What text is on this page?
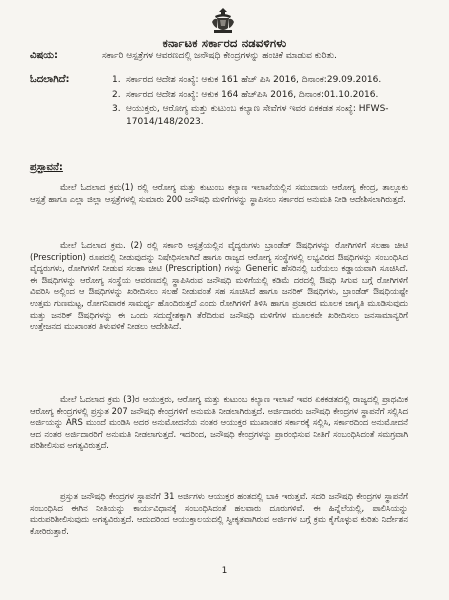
ಕರ್ನಾಟಕ ಸರ್ಕಾರದ ನಡವಳಿಗಳು
ವಿಷಯ:	ಸರ್ಕಾರಿ ಆಸ್ಪತ್ರೆಗಳ ಆವರಣದಲ್ಲಿ ಜನೌಷಧಿ ಕೇಂದ್ರಗಳನ್ನು ಹಂಚಿಕೆ ಮಾಡುವ ಕುರಿತು.
ಓದಲಾಗಿದೆ:	1. ಸರ್ಕಾರದ ಆದೇಶ ಸಂಖ್ಯೆ: ಆಕುಕ 161 ಹೆಚ್ ಪಿಸಿ 2016, ದಿನಾಂಕ:29.09.2016.
2. ಸರ್ಕಾರದ ಆದೇಶ ಸಂಖ್ಯೆ: ಆಕುಕ 164 ಹೆಚ್‌ಪಿಸಿ 2016, ದಿನಾಂಕ:01.10.2016.
3. ಆಯುಕ್ತರು, ಆರೋಗ್ಯ ಮತ್ತು ಕುಟುಂಬ ಕಲ್ಯಾಣ ಸೇವೆಗಳ ಇವರ ಏಕಕಡತ ಸಂಖ್ಯೆ: HFWS-17014/148/2023.
ಪ್ರಸ್ತಾವನೆ:
ಮೇಲೆ ಓದಲಾದ ಕ್ರಮ(1) ರಲ್ಲಿ ಆರೋಗ್ಯ ಮತ್ತು ಕುಟುಂಬ ಕಲ್ಯಾಣ ಇಲಾಖೆಯಲ್ಲಿನ ಸಮುದಾಯ ಆರೋಗ್ಯ ಕೇಂದ್ರ, ತಾಲ್ಲೂಕು ಆಸ್ಪತ್ರೆ ಹಾಗೂ ಎಲ್ಲಾ ಜಿಲ್ಲಾ ಆಸ್ಪತ್ರೆಗಳಲ್ಲಿ ಸುಮಾರು 200 ಜನೌಷಧಿ ಮಳಿಗೆಗಳನ್ನು ಸ್ಥಾಪಿಸಲು ಸರ್ಕಾರದ ಅನುಮತಿ ನೀಡಿ ಆದೇಶಿಸಲಾಗಿರುತ್ತದೆ.
ಮೇಲೆ ಓದಲಾದ ಕ್ರಮ. (2) ರಲ್ಲಿ ಸರ್ಕಾರಿ ಆಸ್ಪತ್ರೆಯಲ್ಲಿನ ವೈದ್ಯರುಗಳು ಬ್ರಾಂಡೆಡ್ ಔಷಧಿಗಳನ್ನು ರೋಗಿಗಳಿಗೆ ಸಲಹಾ ಚೀಟಿ (Prescription) ರೂಪದಲ್ಲಿ ನೀಡುವುದನ್ನು ನಿಷೇಧಿಸಲಾಗಿದೆ ಹಾಗೂ ರಾಜ್ಯದ ಆರೋಗ್ಯ ಸಂಸ್ಥೆಗಳಲ್ಲಿ ಲಭ್ಯವಿರದ ಔಷಧಿಗಳನ್ನು ಸಂಬಂಧಿಸಿದ ವೈದ್ಯರುಗಳು, ರೋಗಿಗಳಿಗೆ ನೀಡುವ ಸಲಹಾ ಚೀಟಿ (Prescription) ಗಳನ್ನು Generic ಹೆಸರಿನಲ್ಲಿ ಬರೆಯಲು ಕಡ್ಡಾಯವಾಗಿ ಸೂಚಿಸಿದೆ. ಈ ಔಷಧಿಗಳನ್ನು ಆರೋಗ್ಯ ಸಂಸ್ಥೆಯ ಆವರಣದಲ್ಲಿ ಸ್ಥಾಪಿಸಿರುವ ಜನೌಷಧಿ ಮಳಿಗೆಯಲ್ಲಿ ಕಡಿಮೆ ದರದಲ್ಲಿ ಔಷಧಿ ಸಿಗುವ ಬಗ್ಗೆ ರೋಗಿಗಳಿಗೆ ವಿವರಿಸಿ ಅಲ್ಲಿಂದ ಆ ಔಷಧಿಗಳನ್ನು ಖರೀದಿಸಲು ಸಲಹೆ ನೀಡುವಂತೆ ಸಹ ಸೂಚಿಸಿದೆ ಹಾಗೂ ಜನರಿಕ್ ಔಷಧಿಗಳು, ಬ್ರಾಂಡೆಡ್ ಔಷಧಿಯಷ್ಟೇ ಉತ್ತಮ ಗುಣಮಟ್ಟ, ರೋಗನಿವಾರಕ ಸಾಮರ್ಥ್ಯ ಹೊಂದಿರುತ್ತದೆ ಎಂದು ರೋಗಿಗಳಿಗೆ ತಿಳಿಸಿ ಹಾಗೂ ಪ್ರಚಾರದ ಮೂಲಕ ಜಾಗೃತಿ ಮೂಡಿಸುವುದು ಮತ್ತು ಜನರಿಕ್ ಔಷಧಿಗಳನ್ನು ಈ ಒಂದು ಸದುದ್ದೇಶಕ್ಕಾಗಿ ತೆರೆದಿರುವ ಜನೌಷಧಿ ಮಳಿಗೆಗಳ ಮೂಲಕವೇ ಖರೀದಿಸಲು ಜನಸಾಮಾನ್ಯರಿಗೆ ಉತ್ತೇಜನದ ಮುಖಾಂತರ ತಿಳುವಳಿಕೆ ನೀಡಲು ಆದೇಶಿಸಿದೆ.
ಮೇಲೆ ಓದಲಾದ ಕ್ರಮ (3)ರ ಆಯುಕ್ತರು, ಆರೋಗ್ಯ ಮತ್ತು ಕುಟುಂಬ ಕಲ್ಯಾಣ ಇಲಾಖೆ ಇವರ ಏಕಕಡತದಲ್ಲಿ ರಾಜ್ಯದಲ್ಲಿ ಪ್ರಾಥಮಿಕ ಆರೋಗ್ಯ ಕೇಂದ್ರಗಳಲ್ಲಿ ಪ್ರಸ್ತುತ 207 ಜನೌಷಧಿ ಕೇಂದ್ರಗಳಿಗೆ ಅನುಮತಿ ನೀಡಲಾಗಿರುತ್ತದೆ. ಅರ್ಜಿದಾರರು ಜನೌಷಧಿ ಕೇಂದ್ರಗಳ ಸ್ಥಾಪನೆಗೆ ಸಲ್ಲಿಸಿದ ಅರ್ಜಿಯನ್ನು ARS ಮುಂದೆ ಮಂಡಿಸಿ ಅದರ ಅನುಮೋದನೆಯ ನಂತರ ಆಯುಕ್ತರ ಮುಖಾಂತರ ಸರ್ಕಾರಕ್ಕೆ ಸಲ್ಲಿಸಿ, ಸರ್ಕಾರದಿಂದ ಅನುಮೋದನೆ ಆದ ನಂತರ ಅರ್ಜಿದಾರರಿಗೆ ಅನುಮತಿ ನೀಡಲಾಗುತ್ತದೆ. ಇದರಿಂದ, ಜನೌಷಧಿ ಕೇಂದ್ರಗಳನ್ನು ಪ್ರಾರಂಭಿಸುವ ನೀತಿಗೆ ಸಂಬಂಧಿಸಿದಂತೆ ಸಮಗ್ರವಾಗಿ ಪರಿಶೀಲಿಸುವ ಅಗತ್ಯವಿರುತ್ತದೆ.
ಪ್ರಸ್ತುತ ಜನೌಷಧಿ ಕೇಂದ್ರಗಳ ಸ್ಥಾಪನೆಗೆ 31 ಅರ್ಜಿಗಳು ಆಯುಕ್ತರ ಹಂತದಲ್ಲಿ ಬಾಕಿ ಇರುತ್ತವೆ. ಸದರಿ ಜನೌಷಧಿ ಕೇಂದ್ರಗಳ ಸ್ಥಾಪನೆಗೆ ಸಂಬಂಧಿಸಿದ ಈಗಿನ ನೀತಿಯನ್ನು ಕಾರ್ಯವಿಧಾನಕ್ಕೆ ಸಂಬಂಧಿಸಿದಂತೆ ಹಲವಾರು ದೂರುಗಳಿವೆ. ಈ ಹಿನ್ನೆಲೆಯಲ್ಲಿ, ಪಾಲಿಸಿಯನ್ನು ಮರುಪರಿಶೀಲಿಸುವುದು ಅಗತ್ಯವಿರುತ್ತದೆ. ಆದುದರಿಂದ ಆಯುಕ್ತಾಲಯದಲ್ಲಿ ಸ್ವೀಕೃತವಾಗಿರುವ ಅರ್ಜಿಗಳ ಬಗ್ಗೆ ಕ್ರಮ ಕೈಗೊಳ್ಳುವ ಕುರಿತು ನಿರ್ದೇಶನ ಕೋರಿರುತ್ತಾರೆ.
1
